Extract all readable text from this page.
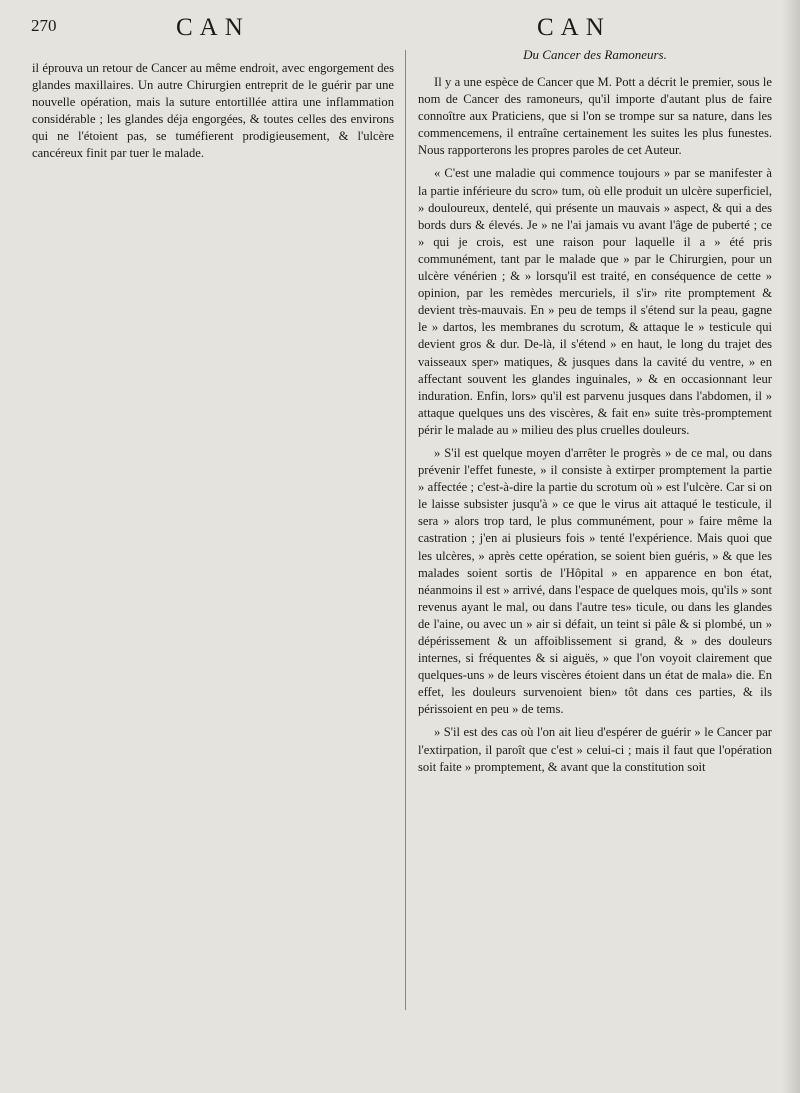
270	CAN	CAN

il éprouva un retour de Cancer au même endroit, avec engorgement des glandes maxillaires. Un autre Chirurgien entreprit de le guérir par une nouvelle opération, mais la suture entortillée attira une inflammation considérable ; les glandes déja engorgées, & toutes celles des environs qui ne l'étoient pas, se tuméfierent prodigieusement, & l'ulcère cancéreux finit par tuer le malade.

Du Cancer des Ramoneurs.

Il y a une espèce de Cancer que M. Pott a décrit le premier, sous le nom de Cancer des ramoneurs, qu'il importe d'autant plus de faire connoître aux Praticiens, que si l'on se trompe sur sa nature, dans les commencemens, il entraîne certainement les suites les plus funestes. Nous rapporterons les propres paroles de cet Auteur.

« C'est une maladie qui commence toujours » par se manifester à la partie inférieure du scro» tum, où elle produit un ulcère superficiel, » douloureux, dentelé, qui présente un mauvais » aspect, & qui a des bords durs & élevés. Je » ne l'ai jamais vu avant l'âge de puberté ; ce » qui je crois, est une raison pour laquelle il a » été pris communément, tant par le malade que » par le Chirurgien, pour un ulcère vénérien ; & » lorsqu'il est traité, en conséquence de cette » opinion, par les remèdes mercuriels, il s'ir» rite promptement & devient très-mauvais. En » peu de temps il s'étend sur la peau, gagne le » dartos, les membranes du scrotum, & attaque le » testicule qui devient gros & dur. De-là, il s'étend » en haut, le long du trajet des vaisseaux sper» matiques, & jusques dans la cavité du ventre, » en affectant souvent les glandes inguinales, » & en occasionnant leur induration. Enfin, lors» qu'il est parvenu jusques dans l'abdomen, il » attaque quelques uns des viscères, & fait en» suite très-promptement périr le malade au » milieu des plus cruelles douleurs.

» S'il est quelque moyen d'arrêter le progrès » de ce mal, ou dans prévenir l'effet funeste, » il consiste à extirper promptement la partie » affectée ; c'est-à-dire la partie du scrotum où » est l'ulcère. Car si on le laisse subsister jusqu'à » ce que le virus ait attaqué le testicule, il sera » alors trop tard, le plus communément, pour » faire même la castration ; j'en ai plusieurs fois » tenté l'expérience. Mais quoi que les ulcères, » après cette opération, se soient bien guéris, » & que les malades soient sortis de l'Hôpital » en apparence en bon état, néanmoins il est » arrivé, dans l'espace de quelques mois, qu'ils » sont revenus ayant le mal, ou dans l'autre tes» ticule, ou dans les glandes de l'aine, ou avec un » air si défait, un teint si pâle & si plombé, un » dépérissement & un affoiblissement si grand, & » des douleurs internes, si fréquentes & si aiguës, » que l'on voyoit clairement que quelques-uns » de leurs viscères étoient dans un état de mala» die. En effet, les douleurs survenoient bien» tôt dans ces parties, & ils périssoient en peu » de tems.

» S'il est des cas où l'on ait lieu d'espérer de guérir » le Cancer par l'extirpation, il paroît que c'est » celui-ci ; mais il faut que l'opération soit faite » promptement, & avant que la constitution soit
